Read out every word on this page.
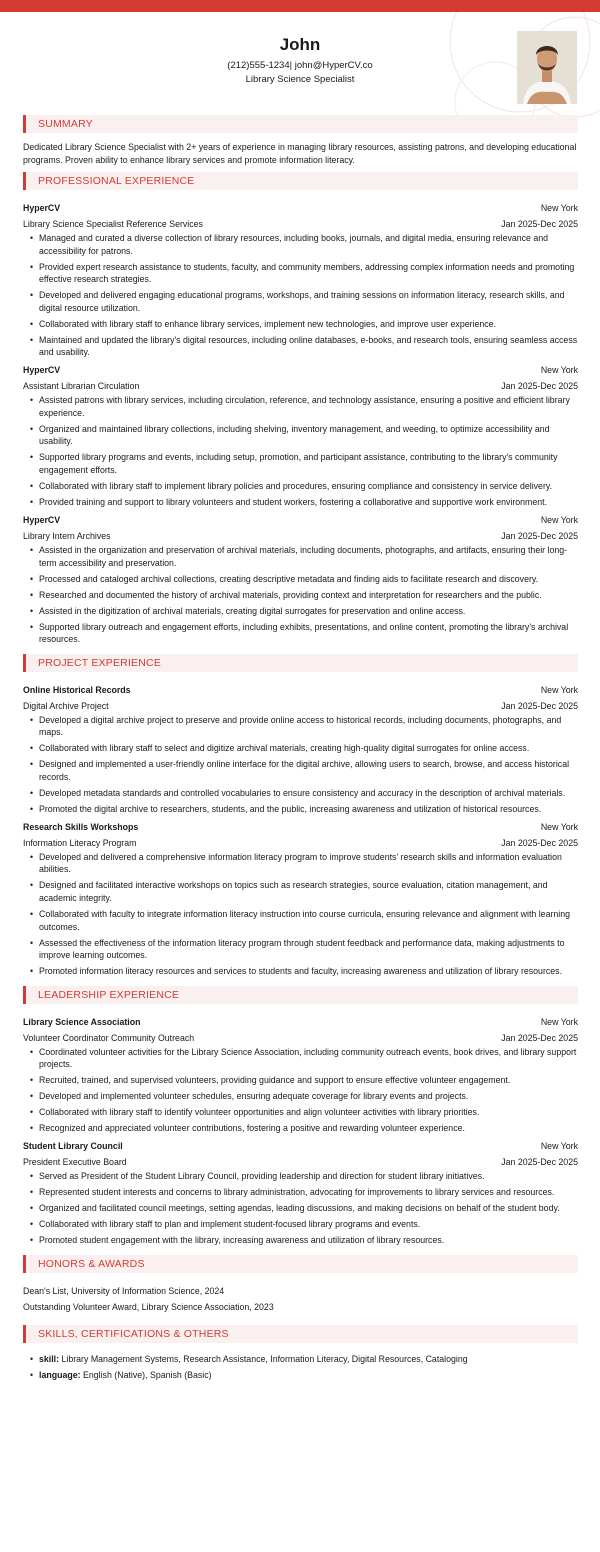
John
(212)555-1234| john@HyperCV.co
Library Science Specialist
SUMMARY

Dedicated Library Science Specialist with 2+ years of experience in managing library resources, assisting patrons, and developing educational programs. Proven ability to enhance library services and promote information literacy.

PROFESSIONAL EXPERIENCE
HyperCV	New York
Library Science Specialist Reference Services	Jan 2025-Dec 2025
• Managed and curated a diverse collection of library resources, including books, journals, and digital media, ensuring relevance and accessibility for patrons.
• Provided expert research assistance to students, faculty, and community members, addressing complex information needs and promoting effective research strategies.
• Developed and delivered engaging educational programs, workshops, and training sessions on information literacy, research skills, and digital resource utilization.
• Collaborated with library staff to enhance library services, implement new technologies, and improve user experience.
• Maintained and updated the library's digital resources, including online databases, e-books, and research tools, ensuring seamless access and usability.
HyperCV	New York
Assistant Librarian Circulation	Jan 2025-Dec 2025
• Assisted patrons with library services, including circulation, reference, and technology assistance, ensuring a positive and efficient library experience.
• Organized and maintained library collections, including shelving, inventory management, and weeding, to optimize accessibility and usability.
• Supported library programs and events, including setup, promotion, and participant assistance, contributing to the library's community engagement efforts.
• Collaborated with library staff to implement library policies and procedures, ensuring compliance and consistency in service delivery.
• Provided training and support to library volunteers and student workers, fostering a collaborative and supportive work environment.
HyperCV	New York
Library Intern Archives	Jan 2025-Dec 2025
• Assisted in the organization and preservation of archival materials, including documents, photographs, and artifacts, ensuring their long-term accessibility and preservation.
• Processed and cataloged archival collections, creating descriptive metadata and finding aids to facilitate research and discovery.
• Researched and documented the history of archival materials, providing context and interpretation for researchers and the public.
• Assisted in the digitization of archival materials, creating digital surrogates for preservation and online access.
• Supported library outreach and engagement efforts, including exhibits, presentations, and online content, promoting the library's archival resources.
PROJECT EXPERIENCE
Online Historical Records	New York
Digital Archive Project	Jan 2025-Dec 2025
• Developed a digital archive project to preserve and provide online access to historical records, including documents, photographs, and maps.
• Collaborated with library staff to select and digitize archival materials, creating high-quality digital surrogates for online access.
• Designed and implemented a user-friendly online interface for the digital archive, allowing users to search, browse, and access historical records.
• Developed metadata standards and controlled vocabularies to ensure consistency and accuracy in the description of archival materials.
• Promoted the digital archive to researchers, students, and the public, increasing awareness and utilization of historical resources.
Research Skills Workshops	New York
Information Literacy Program	Jan 2025-Dec 2025
• Developed and delivered a comprehensive information literacy program to improve students' research skills and information evaluation abilities.
• Designed and facilitated interactive workshops on topics such as research strategies, source evaluation, citation management, and academic integrity.
• Collaborated with faculty to integrate information literacy instruction into course curricula, ensuring relevance and alignment with learning outcomes.
• Assessed the effectiveness of the information literacy program through student feedback and performance data, making adjustments to improve learning outcomes.
• Promoted information literacy resources and services to students and faculty, increasing awareness and utilization of library resources.
LEADERSHIP EXPERIENCE
Library Science Association	New York
Volunteer Coordinator Community Outreach	Jan 2025-Dec 2025
• Coordinated volunteer activities for the Library Science Association, including community outreach events, book drives, and library support projects.
• Recruited, trained, and supervised volunteers, providing guidance and support to ensure effective volunteer engagement.
• Developed and implemented volunteer schedules, ensuring adequate coverage for library events and projects.
• Collaborated with library staff to identify volunteer opportunities and align volunteer activities with library priorities.
• Recognized and appreciated volunteer contributions, fostering a positive and rewarding volunteer experience.
Student Library Council	New York
President Executive Board	Jan 2025-Dec 2025
• Served as President of the Student Library Council, providing leadership and direction for student library initiatives.
• Represented student interests and concerns to library administration, advocating for improvements to library services and resources.
• Organized and facilitated council meetings, setting agendas, leading discussions, and making decisions on behalf of the student body.
• Collaborated with library staff to plan and implement student-focused library programs and events.
• Promoted student engagement with the library, increasing awareness and utilization of library resources.
HONORS & AWARDS
Dean's List, University of Information Science, 2024
Outstanding Volunteer Award, Library Science Association, 2023
SKILLS, CERTIFICATIONS & OTHERS
• skill: Library Management Systems, Research Assistance, Information Literacy, Digital Resources, Cataloging
• language: English (Native), Spanish (Basic)
